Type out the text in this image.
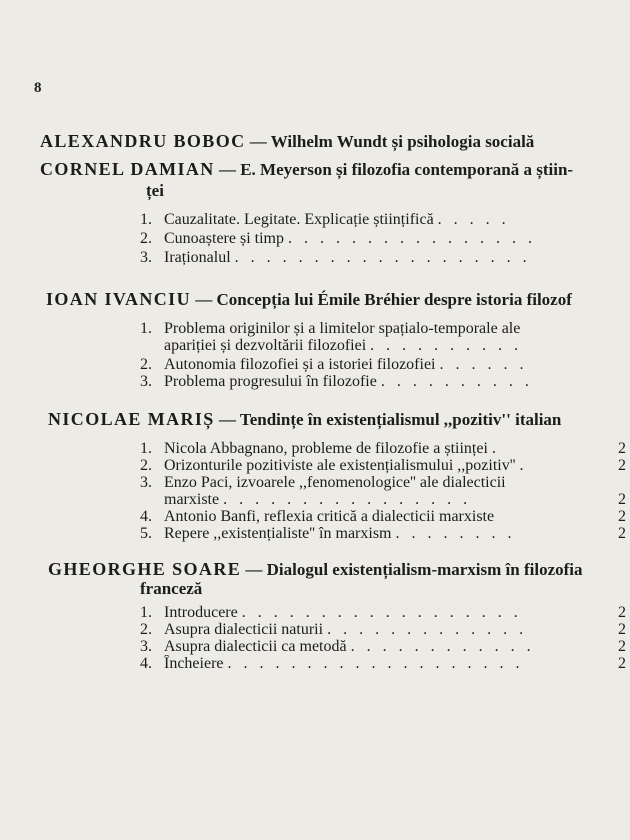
8
ALEXANDRU BOBOC — Wilhelm Wundt și psihologia socială
CORNEL DAMIAN — E. Meyerson și filozofia contemporană a știin-
ței
1. Cauzalitate. Legitate. Explicație științifică . . . . .
2. Cunoaștere și timp . . . . . . . . . . . . . . . .
3. Iraționalul . . . . . . . . . . . . . . . . . . .
IOAN IVANCIU — Concepția lui Émile Bréhier despre istoria filozof
1. Problema originilor și a limitelor spațialo-temporale ale
apariției și dezvoltării filozofiei . . . . . . . . . .
2. Autonomia filozofiei și a istoriei filozofiei . . . . . .
3. Problema progresului în filozofie . . . . . . . . . .
NICOLAE MARIȘ — Tendințe în existențialismul ,,pozitiv'' italian
1. Nicola Abbagnano, probleme de filozofie a științei .	2
2. Orizonturile pozitiviste ale existențialismului ,,pozitiv'' .	2
3. Enzo Paci, izvoarele ,,fenomenologice'' ale dialecticii
marxiste . . . . . . . . . . . . . . . .	2
4. Antonio Banfi, reflexia critică a dialecticii marxiste	2
5. Repere ,,existențialiste'' în marxism . . . . . . . .	2
GHEORGHE SOARE — Dialogul existențialism-marxism în filozofia
franceză
1. Introducere . . . . . . . . . . . . . . . . . .	2
2. Asupra dialecticii naturii . . . . . . . . . . . . .	2
3. Asupra dialecticii ca metodă . . . . . . . . . . . .	2
4. Încheiere . . . . . . . . . . . . . . . . . . .	2
